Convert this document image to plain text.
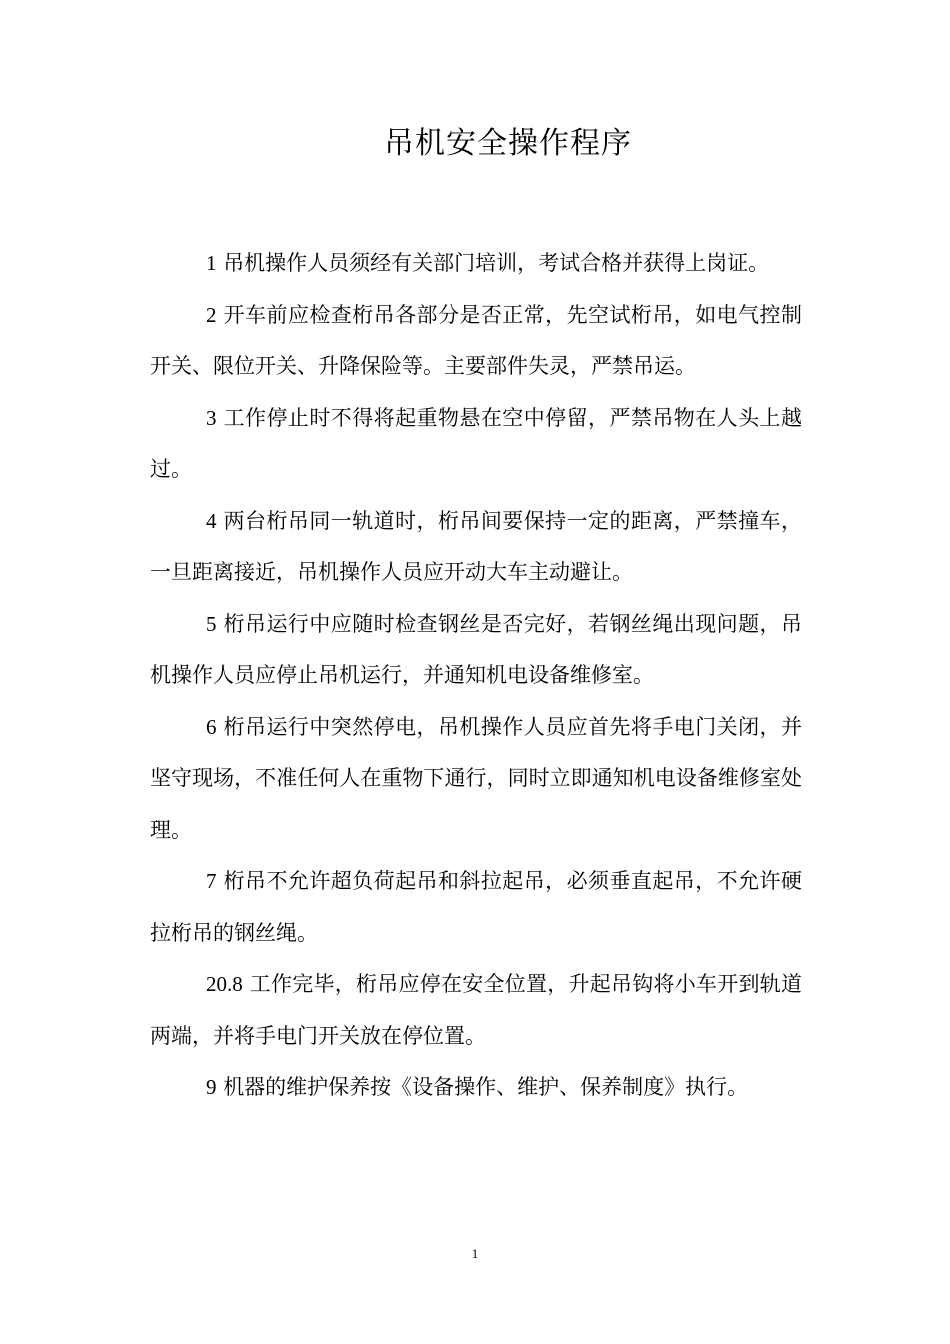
吊机安全操作程序

1 吊机操作人员须经有关部门培训，考试合格并获得上岗证。

2 开车前应检查桁吊各部分是否正常，先空试桁吊，如电气控制开关、限位开关、升降保险等。主要部件失灵，严禁吊运。

3 工作停止时不得将起重物悬在空中停留，严禁吊物在人头上越过。

4 两台桁吊同一轨道时，桁吊间要保持一定的距离，严禁撞车，一旦距离接近，吊机操作人员应开动大车主动避让。

5 桁吊运行中应随时检查钢丝是否完好，若钢丝绳出现问题，吊机操作人员应停止吊机运行，并通知机电设备维修室。

6 桁吊运行中突然停电，吊机操作人员应首先将手电门关闭，并坚守现场，不准任何人在重物下通行，同时立即通知机电设备维修室处理。

7 桁吊不允许超负荷起吊和斜拉起吊，必须垂直起吊，不允许硬拉桁吊的钢丝绳。

20.8 工作完毕，桁吊应停在安全位置，升起吊钩将小车开到轨道两端，并将手电门开关放在停位置。

9 机器的维护保养按《设备操作、维护、保养制度》执行。

1
